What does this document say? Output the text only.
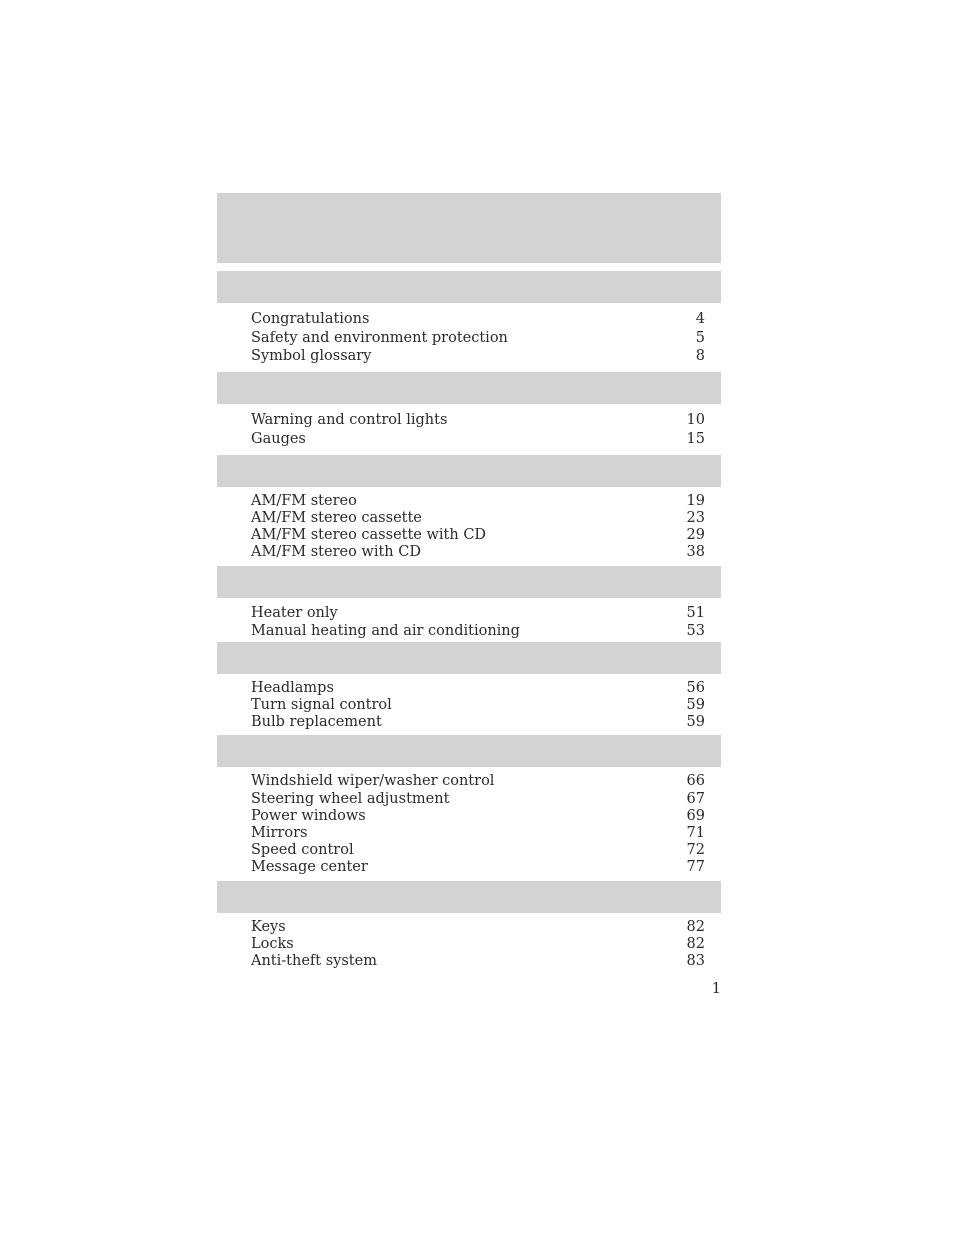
Congratulations	4
Safety and environment protection	5
Symbol glossary	8
Warning and control lights	10
Gauges	15
AM/FM stereo	19
AM/FM stereo cassette	23
AM/FM stereo cassette with CD	29
AM/FM stereo with CD	38
Heater only	51
Manual heating and air conditioning	53
Headlamps	56
Turn signal control	59
Bulb replacement	59
Windshield wiper/washer control	66
Steering wheel adjustment	67
Power windows	69
Mirrors	71
Speed control	72
Message center	77
Keys	82
Locks	82
Anti-theft system	83
1
